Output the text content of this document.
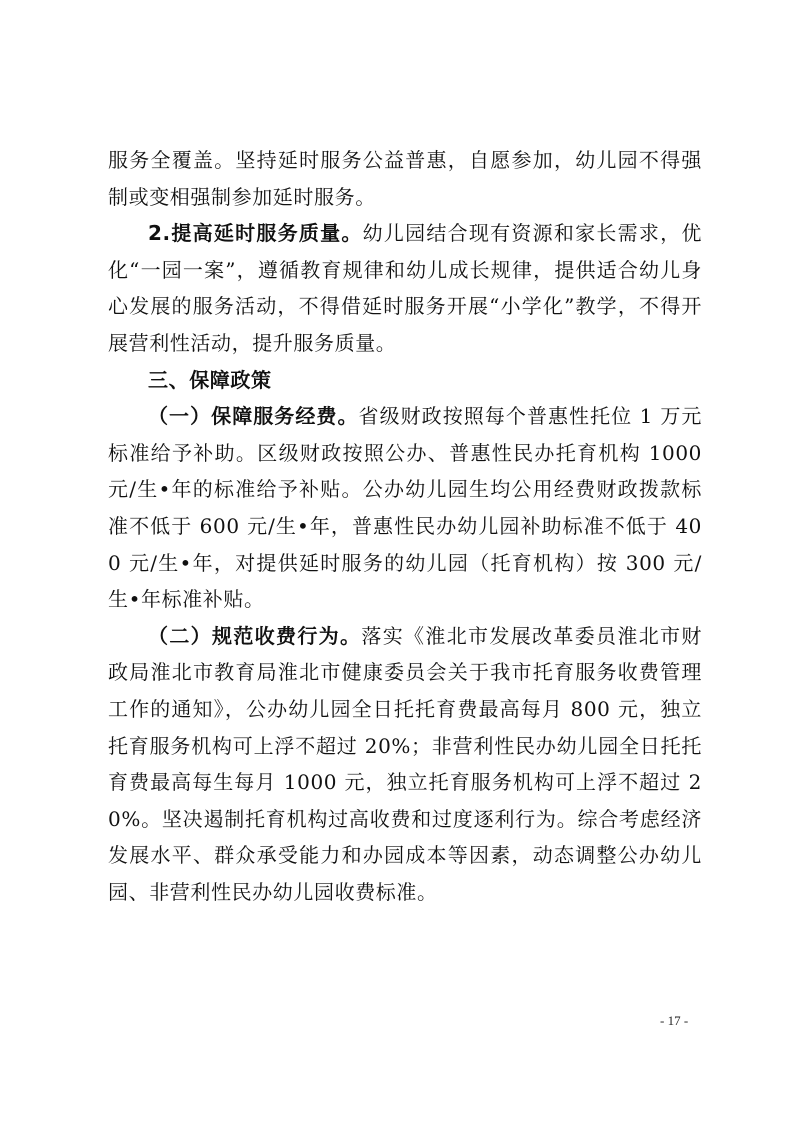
服务全覆盖。坚持延时服务公益普惠，自愿参加，幼儿园不得强制或变相强制参加延时服务。

2.提高延时服务质量。幼儿园结合现有资源和家长需求，优化“一园一案”，遵循教育规律和幼儿成长规律，提供适合幼儿身心发展的服务活动，不得借延时服务开展“小学化”教学，不得开展营利性活动，提升服务质量。

三、保障政策

（一）保障服务经费。省级财政按照每个普惠性托位 1 万元标准给予补助。区级财政按照公办、普惠性民办托育机构 1000 元/生•年的标准给予补贴。公办幼儿园生均公用经费财政拨款标准不低于 600 元/生•年，普惠性民办幼儿园补助标准不低于 400 元/生•年，对提供延时服务的幼儿园（托育机构）按 300 元/生•年标准补贴。

（二）规范收费行为。落实《淮北市发展改革委员淮北市财政局淮北市教育局淮北市健康委员会关于我市托育服务收费管理工作的通知》，公办幼儿园全日托托育费最高每月 800 元，独立托育服务机构可上浮不超过 20%；非营利性民办幼儿园全日托托育费最高每生每月 1000 元，独立托育服务机构可上浮不超过 20%。坚决遏制托育机构过高收费和过度逐利行为。综合考虑经济发展水平、群众承受能力和办园成本等因素，动态调整公办幼儿园、非营利性民办幼儿园收费标准。

- 17 -
